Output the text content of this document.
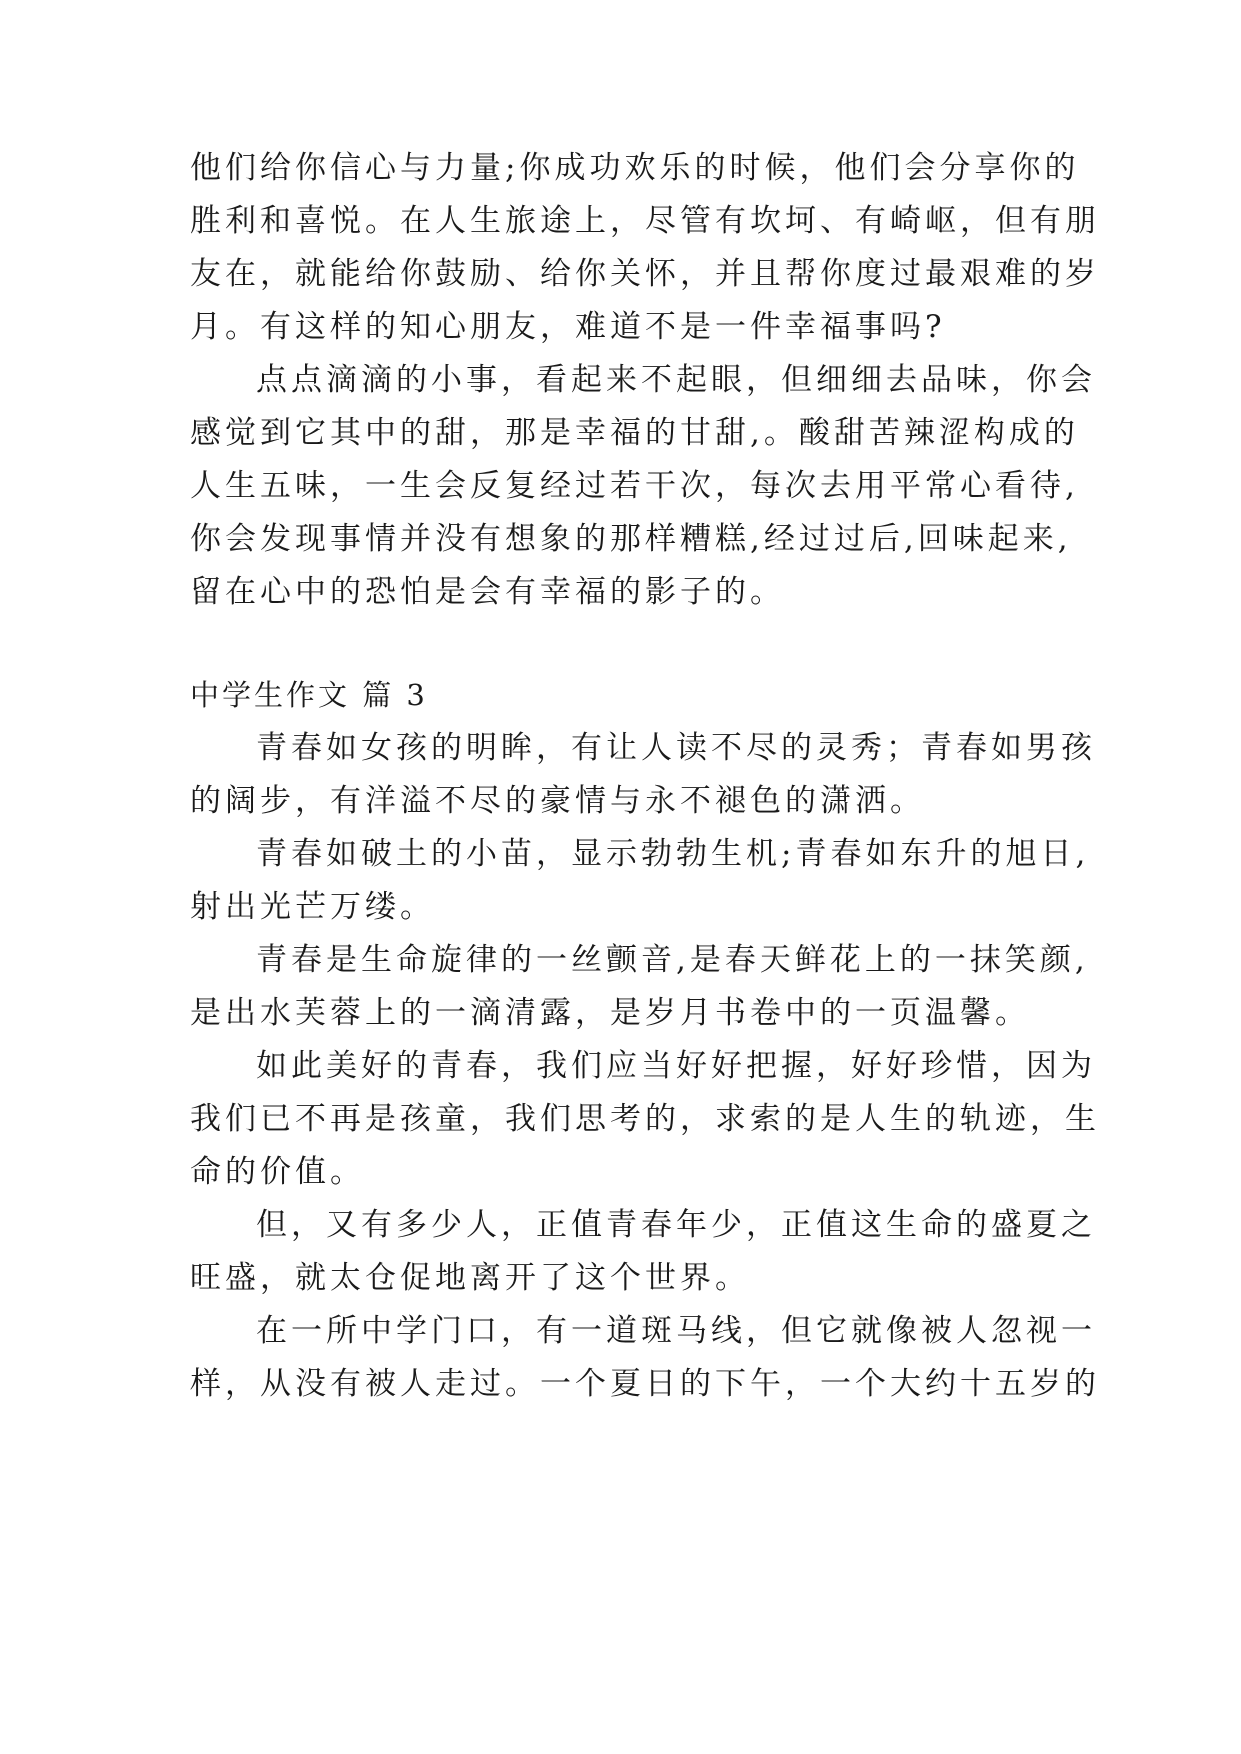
他们给你信心与力量;你成功欢乐的时候，他们会分享你的
胜利和喜悦。在人生旅途上，尽管有坎坷、有崎岖，但有朋
友在，就能给你鼓励、给你关怀，并且帮你度过最艰难的岁
月。有这样的知心朋友，难道不是一件幸福事吗?
点点滴滴的小事，看起来不起眼，但细细去品味，你会
感觉到它其中的甜，那是幸福的甘甜,。酸甜苦辣涩构成的
人生五味，一生会反复经过若干次，每次去用平常心看待,
你会发现事情并没有想象的那样糟糕,经过过后,回味起来,
留在心中的恐怕是会有幸福的影子的。
中学生作文 篇 3
青春如女孩的明眸，有让人读不尽的灵秀；青春如男孩
的阔步，有洋溢不尽的豪情与永不褪色的潇洒。
青春如破土的小苗，显示勃勃生机;青春如东升的旭日,
射出光芒万缕。
青春是生命旋律的一丝颤音,是春天鲜花上的一抹笑颜,
是出水芙蓉上的一滴清露，是岁月书卷中的一页温馨。
如此美好的青春，我们应当好好把握，好好珍惜，因为
我们已不再是孩童，我们思考的，求索的是人生的轨迹，生
命的价值。
但，又有多少人，正值青春年少，正值这生命的盛夏之
旺盛，就太仓促地离开了这个世界。
在一所中学门口，有一道斑马线，但它就像被人忽视一
样，从没有被人走过。一个夏日的下午，一个大约十五岁的
